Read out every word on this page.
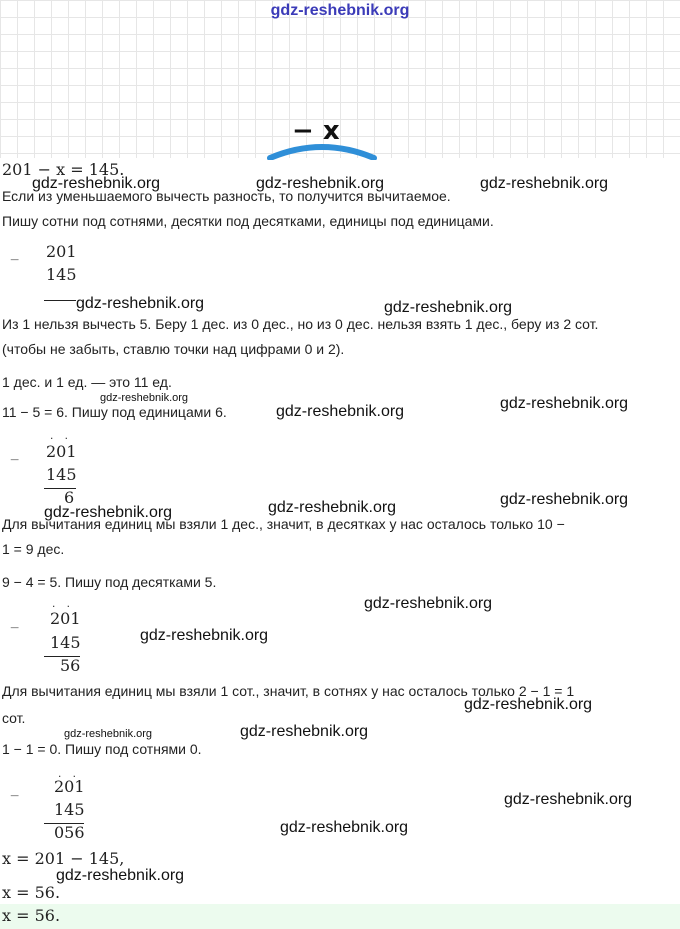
gdz-reshebnik.org
− x
201 − x = 145.
Если из уменьшаемого вычесть разность, то получится вычитаемое.
Пишу сотни под сотнями, десятки под десятками, единицы под единицами.
− 201
145
Из 1 нельзя вычесть 5. Беру 1 дес. из 0 дес., но из 0 дес. нельзя взять 1 дес., беру из 2 сот.
(чтобы не забыть, ставлю точки над цифрами 0 и 2).
1 дес. и 1 ед. — это 11 ед.
11 − 5 = 6. Пишу под единицами 6.
. .
− 201
145
6
Для вычитания единиц мы взяли 1 дес., значит, в десятках у нас осталось только 10 −
1 = 9 дес.
9 − 4 = 5. Пишу под десятками 5.
. .
−
201
145
56
Для вычитания единиц мы взяли 1 сот., значит, в сотнях у нас осталось только 2 − 1 = 1
сот.
1 − 1 = 0. Пишу под сотнями 0.
. .
−
201
145
056
x = 201 − 145,
x = 56.
x = 56.
gdz-reshebnik.org	gdz-reshebnik.org	gdz-reshebnik.org
gdz-reshebnik.org	gdz-reshebnik.org
gdz-reshebnik.org
gdz-reshebnik.org	gdz-reshebnik.org
gdz-reshebnik.org	gdz-reshebnik.org	gdz-reshebnik.org
gdz-reshebnik.org
gdz-reshebnik.org
gdz-reshebnik.org
gdz-reshebnik.org	gdz-reshebnik.org
gdz-reshebnik.org
gdz-reshebnik.org
gdz-reshebnik.org
